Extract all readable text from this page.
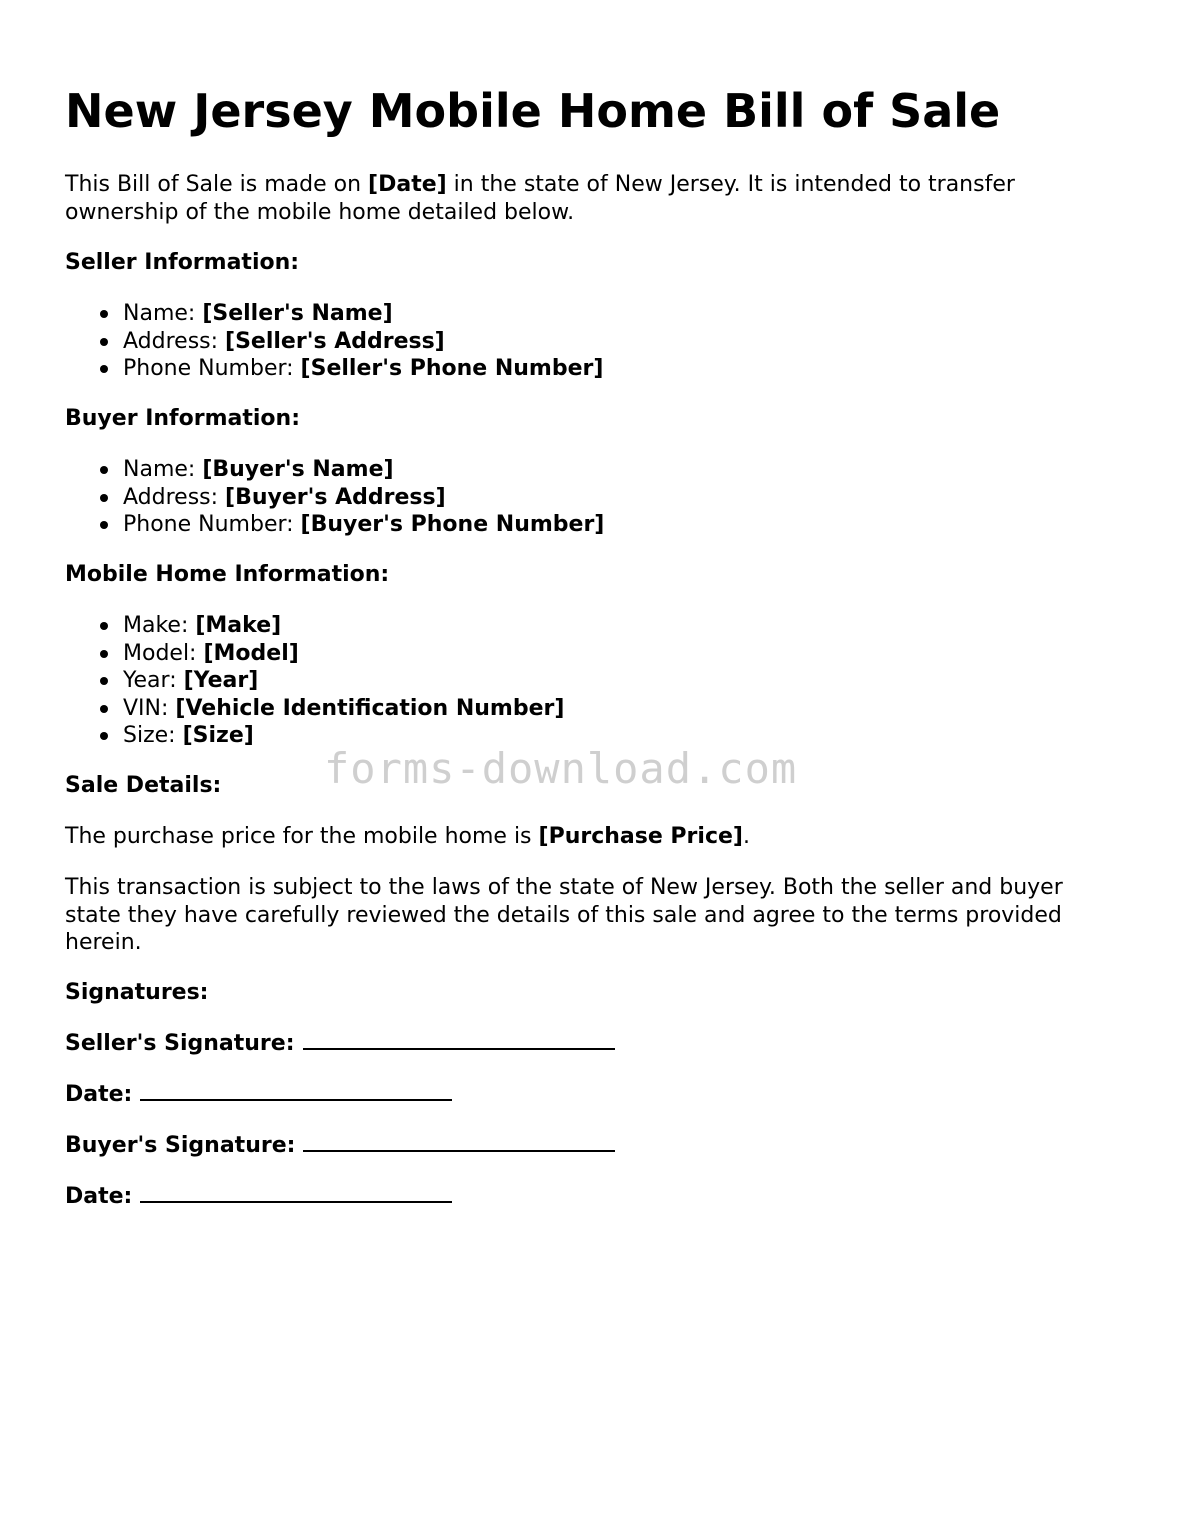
New Jersey Mobile Home Bill of Sale

This Bill of Sale is made on [Date] in the state of New Jersey. It is intended to transfer ownership of the mobile home detailed below.

Seller Information:

Name: [Seller's Name]
Address: [Seller's Address]
Phone Number: [Seller's Phone Number]

Buyer Information:

Name: [Buyer's Name]
Address: [Buyer's Address]
Phone Number: [Buyer's Phone Number]

Mobile Home Information:

Make: [Make]
Model: [Model]
Year: [Year]
VIN: [Vehicle Identification Number]
Size: [Size]

Sale Details:

The purchase price for the mobile home is [Purchase Price].

This transaction is subject to the laws of the state of New Jersey. Both the seller and buyer state they have carefully reviewed the details of this sale and agree to the terms provided herein.

Signatures:

Seller's Signature:

Date:

Buyer's Signature:

Date:

forms-download.com
